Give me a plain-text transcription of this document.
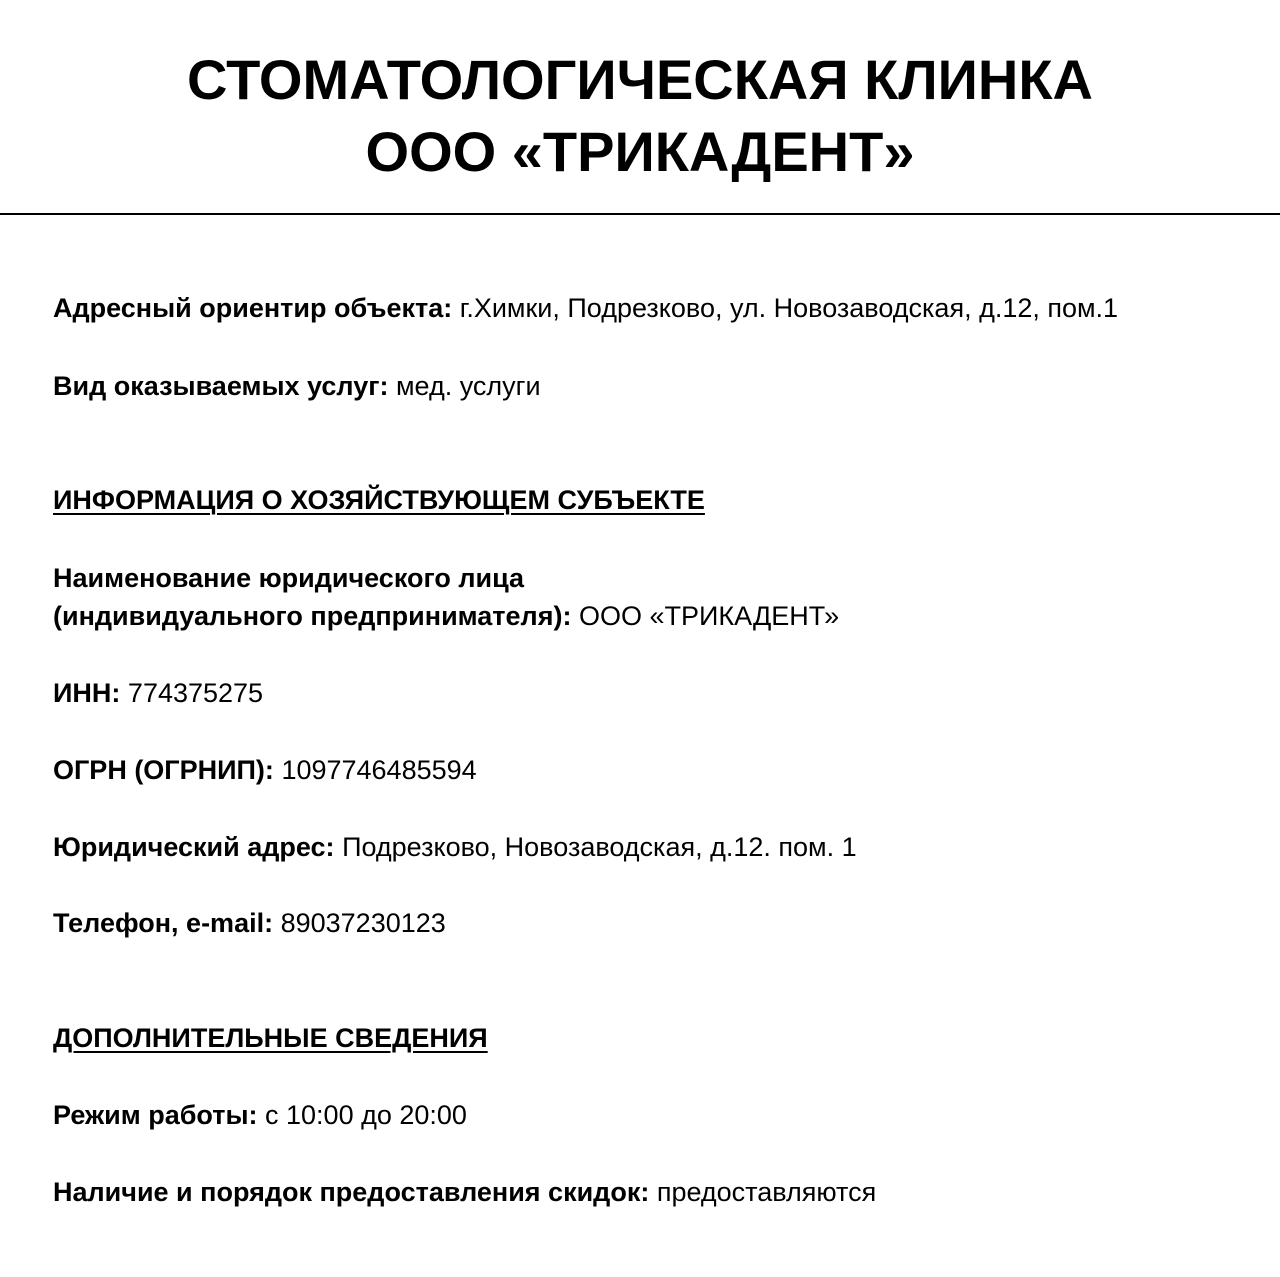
СТОМАТОЛОГИЧЕСКАЯ КЛИНКА
ООО «ТРИКАДЕНТ»
Адресный ориентир объекта: г.Химки, Подрезково, ул. Новозаводская, д.12, пом.1
Вид оказываемых услуг: мед. услуги
ИНФОРМАЦИЯ О ХОЗЯЙСТВУЮЩЕМ СУБЪЕКТЕ
Наименование юридического лица
(индивидуального предпринимателя): ООО «ТРИКАДЕНТ»
ИНН: 774375275
ОГРН (ОГРНИП): 1097746485594
Юридический адрес: Подрезково, Новозаводская, д.12. пом. 1
Телефон, e-mail: 89037230123
ДОПОЛНИТЕЛЬНЫЕ СВЕДЕНИЯ
Режим работы: с 10:00 до 20:00
Наличие и порядок предоставления скидок: предоставляются
